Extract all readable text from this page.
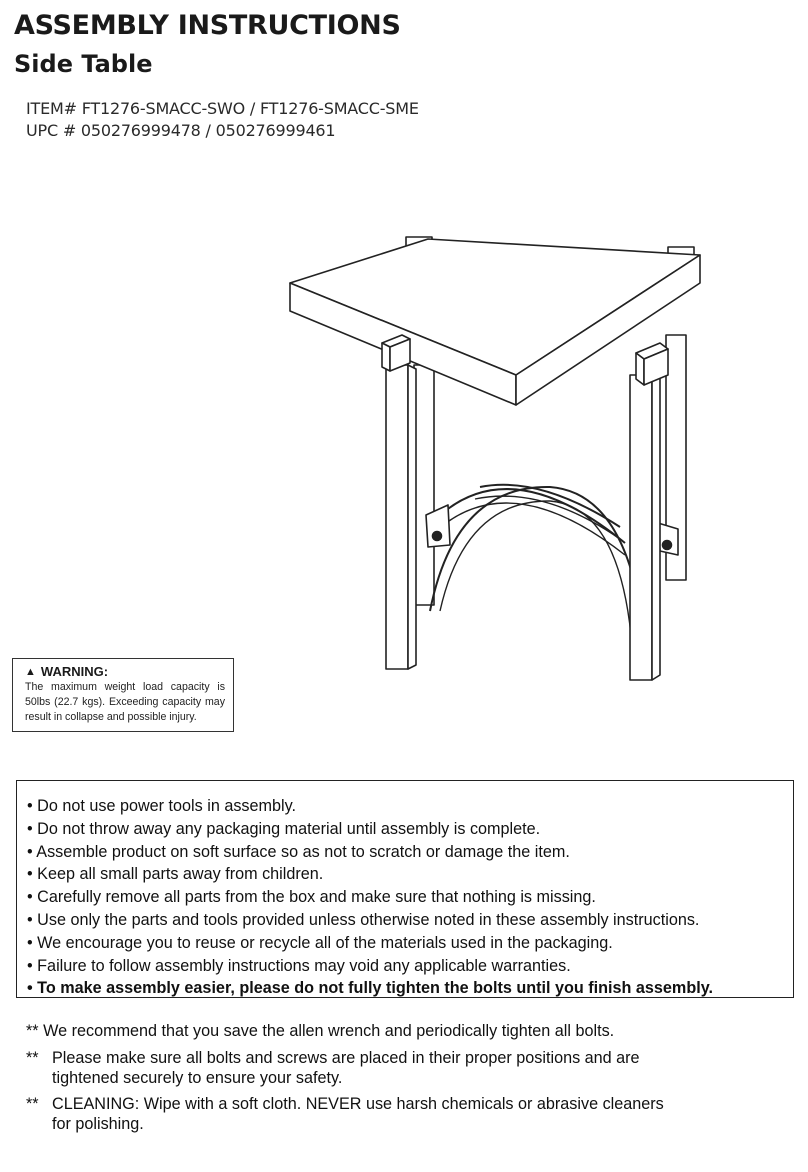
ASSEMBLY INSTRUCTIONS
Side Table
ITEM# FT1276-SMACC-SWO / FT1276-SMACC-SME
UPC # 050276999478 / 050276999461
▲ WARNING:
The maximum weight load capacity is 50lbs (22.7 kgs). Exceeding capacity may result in collapse and possible injury.
• Do not use power tools in assembly.
• Do not throw away any packaging material until assembly is complete.
• Assemble product on soft surface so as not to scratch or damage the item.
• Keep all small parts away from children.
• Carefully remove all parts from the box and make sure that nothing is missing.
• Use only the parts and tools provided unless otherwise noted in these assembly instructions.
• We encourage you to reuse or recycle all of the materials used in the packaging.
• Failure to follow assembly instructions may void any applicable warranties.
• To make assembly easier, please do not fully tighten the bolts until you finish assembly.
** We recommend that you save the allen wrench and periodically tighten all bolts.
** Please make sure all bolts and screws are placed in their proper positions and are
tightened securely to ensure your safety.
** CLEANING: Wipe with a soft cloth. NEVER use harsh chemicals or abrasive cleaners
for polishing.
